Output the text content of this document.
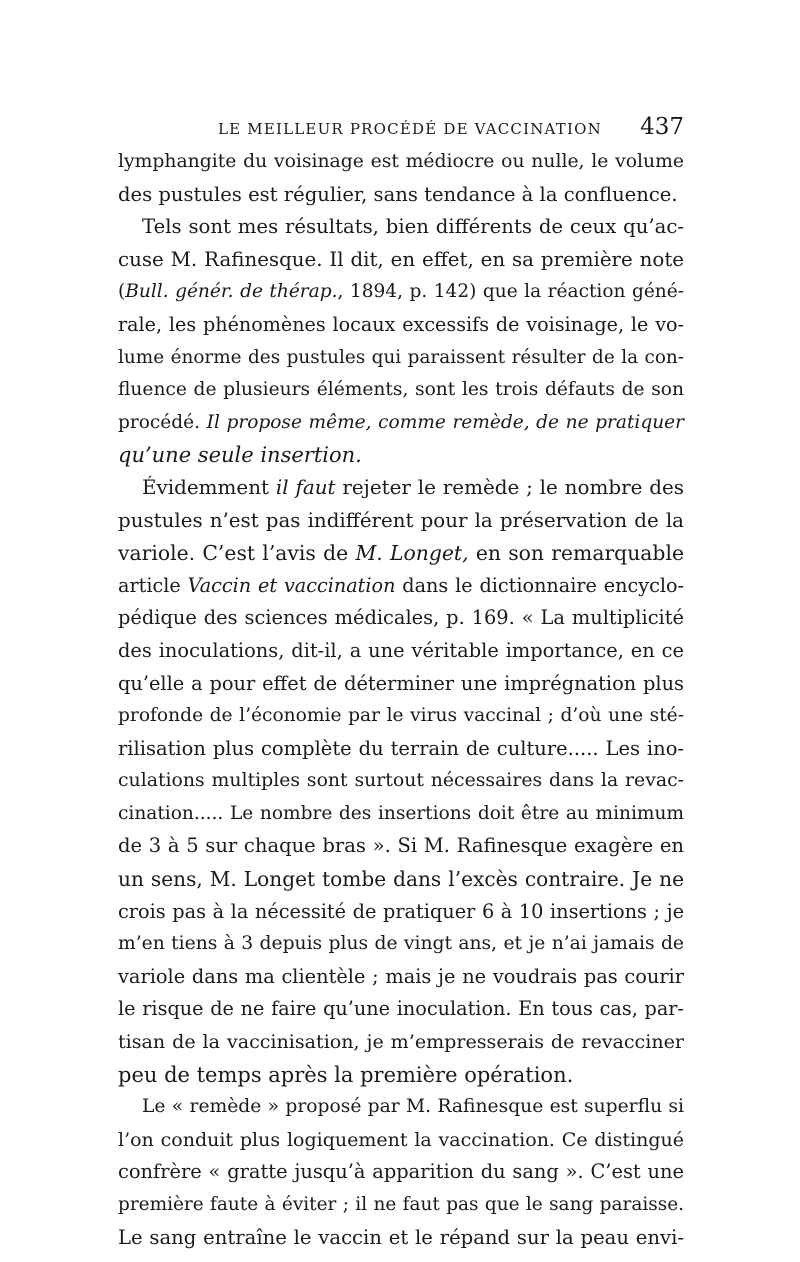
LE MEILLEUR PROCÉDÉ DE VACCINATION 437
lymphangite du voisinage est médiocre ou nulle, le volume
des pustules est régulier, sans tendance à la confluence.
Tels sont mes résultats, bien différents de ceux qu’ac-
cuse M. Rafinesque. Il dit, en effet, en sa première note
(Bull. génér. de thérap., 1894, p. 142) que la réaction géné-
rale, les phénomènes locaux excessifs de voisinage, le vo-
lume énorme des pustules qui paraissent résulter de la con-
fluence de plusieurs éléments, sont les trois défauts de son
procédé. Il propose même, comme remède, de ne pratiquer
qu’une seule insertion.
Évidemment il faut rejeter le remède ; le nombre des
pustules n’est pas indifférent pour la préservation de la
variole. C’est l’avis de M. Longet, en son remarquable
article Vaccin et vaccination dans le dictionnaire encyclo-
pédique des sciences médicales, p. 169. « La multiplicité
des inoculations, dit-il, a une véritable importance, en ce
qu’elle a pour effet de déterminer une imprégnation plus
profonde de l’économie par le virus vaccinal ; d’où une sté-
rilisation plus complète du terrain de culture..... Les ino-
culations multiples sont surtout nécessaires dans la revac-
cination..... Le nombre des insertions doit être au minimum
de 3 à 5 sur chaque bras ». Si M. Rafinesque exagère en
un sens, M. Longet tombe dans l’excès contraire. Je ne
crois pas à la nécessité de pratiquer 6 à 10 insertions ; je
m’en tiens à 3 depuis plus de vingt ans, et je n’ai jamais de
variole dans ma clientèle ; mais je ne voudrais pas courir
le risque de ne faire qu’une inoculation. En tous cas, par-
tisan de la vaccinisation, je m’empresserais de revacciner
peu de temps après la première opération.
Le « remède » proposé par M. Rafinesque est superflu si
l’on conduit plus logiquement la vaccination. Ce distingué
confrère « gratte jusqu’à apparition du sang ». C’est une
première faute à éviter ; il ne faut pas que le sang paraisse.
Le sang entraîne le vaccin et le répand sur la peau envi-
